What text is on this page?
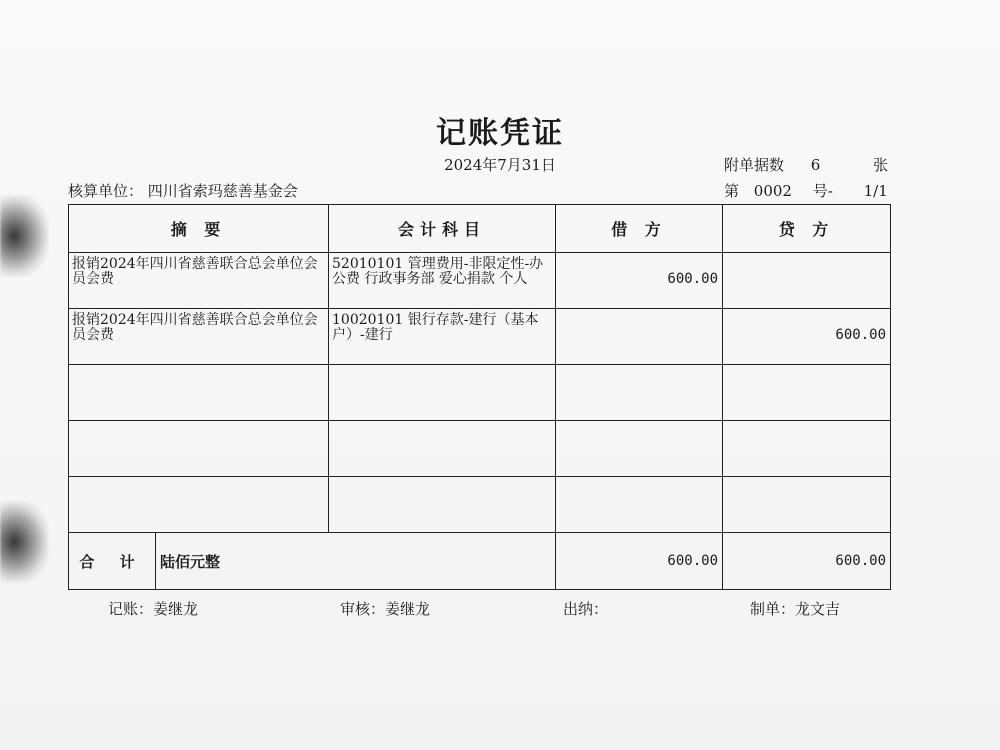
记账凭证
2024年7月31日	附单据数 6	张
核算单位： 四川省索玛慈善基金会	第 0002 号- 1/1
摘 要	会计科目	借 方	贷 方

报销2024年四川省慈善联合总会单位会员会费	52010101 管理费用-非限定性-办公费 行政事务部 爱心捐款 个人	600.00	

报销2024年四川省慈善联合总会单位会员会费	10020101 银行存款-建行（基本户）-建行		600.00

合 计 陆佰元整		600.00	600.00
记账：姜继龙	审核：姜继龙	出纳：	制单：龙文吉
